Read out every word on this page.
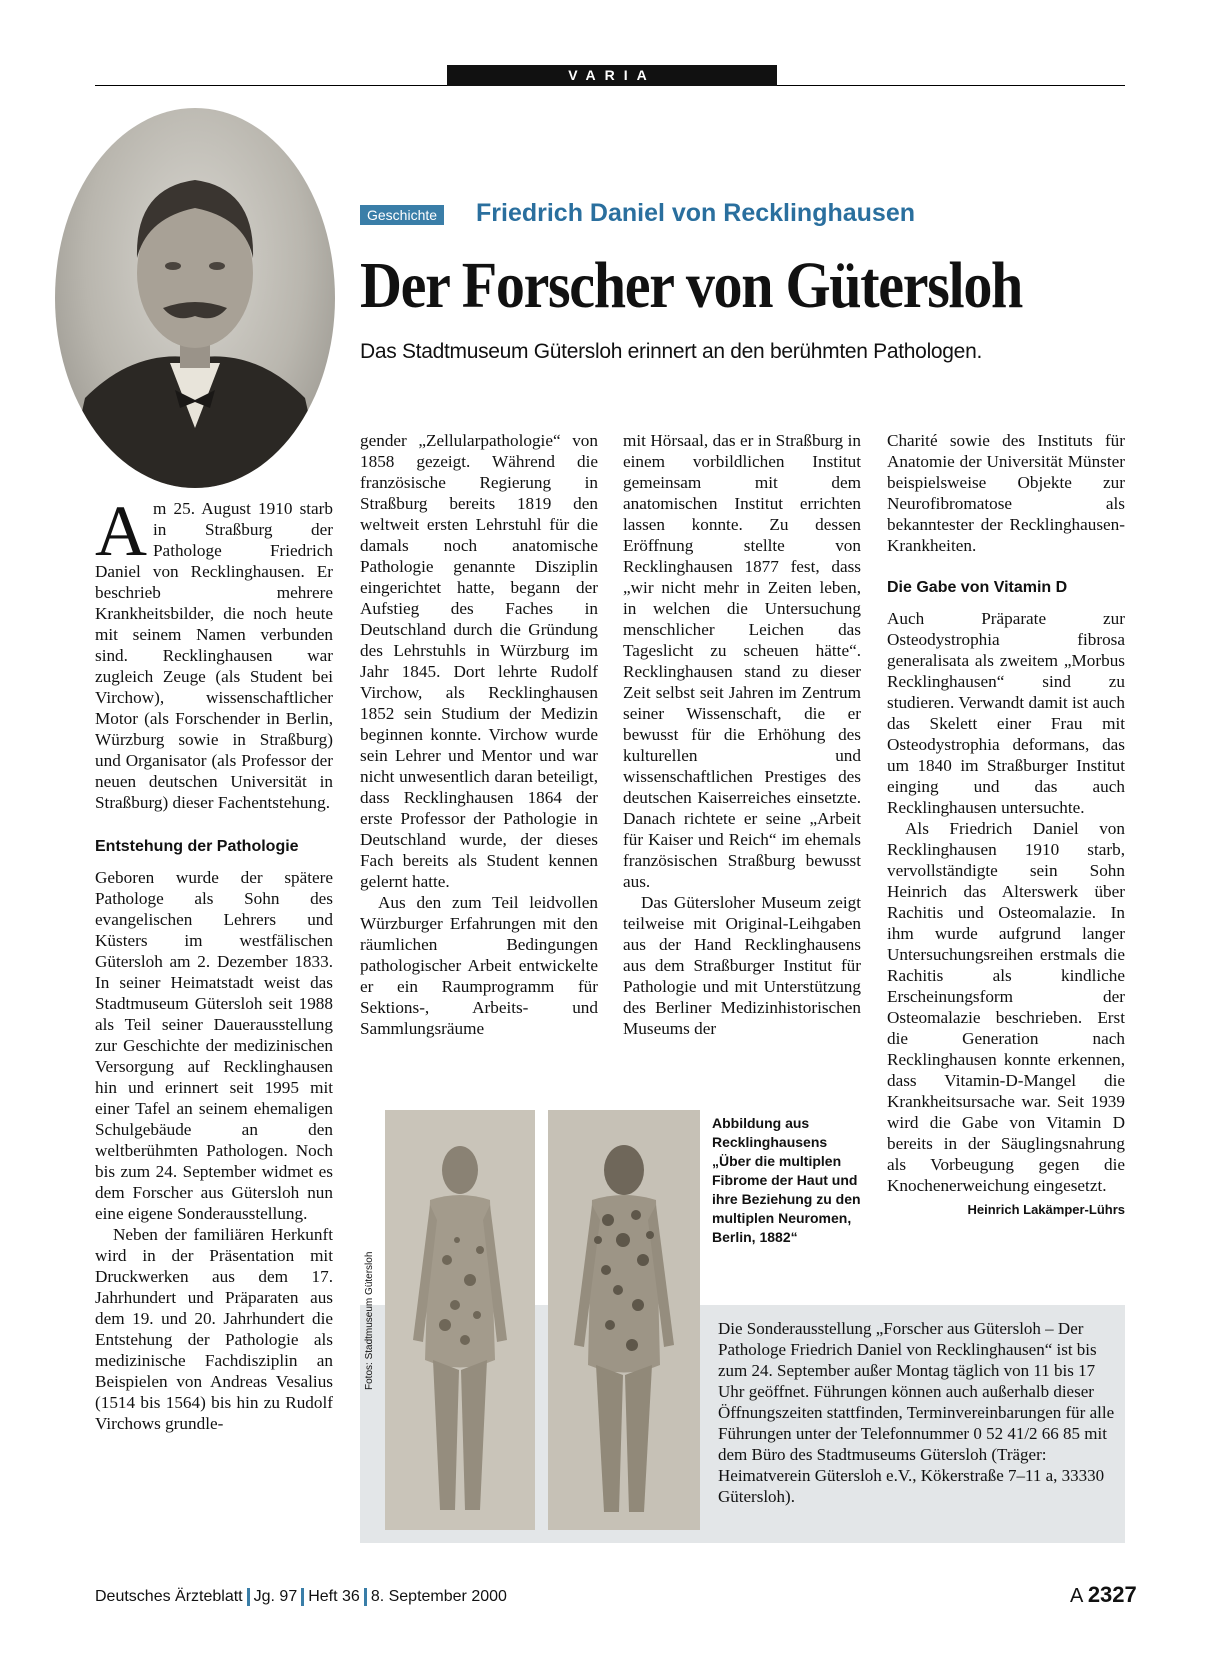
VARIA
Geschichte Friedrich Daniel von Recklinghausen
Der Forscher von Gütersloh
Das Stadtmuseum Gütersloh erinnert an den berühmten Pathologen.

Am 25. August 1910 starb in Straßburg der Pathologe Friedrich Daniel von Recklinghausen. Er beschrieb mehrere Krankheitsbilder, die noch heute mit seinem Namen verbunden sind. Recklinghausen war zugleich Zeuge (als Student bei Virchow), wissenschaftlicher Motor (als Forschender in Berlin, Würzburg sowie in Straßburg) und Organisator (als Professor der neuen deutschen Universität in Straßburg) dieser Fachentstehung.

Entstehung der Pathologie

Geboren wurde der spätere Pathologe als Sohn des evangelischen Lehrers und Küsters im westfälischen Gütersloh am 2. Dezember 1833. In seiner Heimatstadt weist das Stadtmuseum Gütersloh seit 1988 als Teil seiner Dauerausstellung zur Geschichte der medizinischen Versorgung auf Recklinghausen hin und erinnert seit 1995 mit einer Tafel an seinem ehemaligen Schulgebäude an den weltberühmten Pathologen. Noch bis zum 24. September widmet es dem Forscher aus Gütersloh nun eine eigene Sonderausstellung.

Neben der familiären Herkunft wird in der Präsentation mit Druckwerken aus dem 17. Jahrhundert und Präparaten aus dem 19. und 20. Jahrhundert die Entstehung der Pathologie als medizinische Fachdisziplin an Beispielen von Andreas Vesalius (1514 bis 1564) bis hin zu Rudolf Virchows grundle-

gender „Zellularpathologie“ von 1858 gezeigt. Während die französische Regierung in Straßburg bereits 1819 den weltweit ersten Lehrstuhl für die damals noch anatomische Pathologie genannte Disziplin eingerichtet hatte, begann der Aufstieg des Faches in Deutschland durch die Gründung des Lehrstuhls in Würzburg im Jahr 1845. Dort lehrte Rudolf Virchow, als Recklinghausen 1852 sein Studium der Medizin beginnen konnte. Virchow wurde sein Lehrer und Mentor und war nicht unwesentlich daran beteiligt, dass Recklinghausen 1864 der erste Professor der Pathologie in Deutschland wurde, der dieses Fach bereits als Student kennen gelernt hatte.

Aus den zum Teil leidvollen Würzburger Erfahrungen mit den räumlichen Bedingungen pathologischer Arbeit entwickelte er ein Raumprogramm für Sektions-, Arbeits- und Sammlungsräume

mit Hörsaal, das er in Straßburg in einem vorbildlichen Institut gemeinsam mit dem anatomischen Institut errichten lassen konnte. Zu dessen Eröffnung stellte von Recklinghausen 1877 fest, dass „wir nicht mehr in Zeiten leben, in welchen die Untersuchung menschlicher Leichen das Tageslicht zu scheuen hätte“. Recklinghausen stand zu dieser Zeit selbst seit Jahren im Zentrum seiner Wissenschaft, die er bewusst für die Erhöhung des kulturellen und wissenschaftlichen Prestiges des deutschen Kaiserreiches einsetzte. Danach richtete er seine „Arbeit für Kaiser und Reich“ im ehemals französischen Straßburg bewusst aus.

Das Gütersloher Museum zeigt teilweise mit Original-Leihgaben aus der Hand Recklinghausens aus dem Straßburger Institut für Pathologie und mit Unterstützung des Berliner Medizinhistorischen Museums der

Charité sowie des Instituts für Anatomie der Universität Münster beispielsweise Objekte zur Neurofibromatose als bekanntester der Recklinghausen-Krankheiten.

Die Gabe von Vitamin D

Auch Präparate zur Osteodystrophia fibrosa generalisata als zweitem „Morbus Recklinghausen“ sind zu studieren. Verwandt damit ist auch das Skelett einer Frau mit Osteodystrophia deformans, das um 1840 im Straßburger Institut einging und das auch Recklinghausen untersuchte.

Als Friedrich Daniel von Recklinghausen 1910 starb, vervollständigte sein Sohn Heinrich das Alterswerk über Rachitis und Osteomalazie. In ihm wurde aufgrund langer Untersuchungsreihen erstmals die Rachitis als kindliche Erscheinungsform der Osteomalazie beschrieben. Erst die Generation nach Recklinghausen konnte erkennen, dass Vitamin-D-Mangel die Krankheitsursache war. Seit 1939 wird die Gabe von Vitamin D bereits in der Säuglingsnahrung als Vorbeugung gegen die Knochenerweichung eingesetzt.

Heinrich Lakämper-Lührs

Die Sonderausstellung „Forscher aus Gütersloh – Der Pathologe Friedrich Daniel von Recklinghausen“ ist bis zum 24. September außer Montag täglich von 11 bis 17 Uhr geöffnet. Führungen können auch außerhalb dieser Öffnungszeiten stattfinden, Terminvereinbarungen für alle Führungen unter der Telefonnummer 0 52 41/2 66 85 mit dem Büro des Stadtmuseums Gütersloh (Träger: Heimatverein Gütersloh e.V., Kökerstraße 7–11 a, 33330 Gütersloh).
Fotos: Stadtmuseum Gütersloh
Abbildung aus Recklinghausens „Über die multiplen Fibrome der Haut und ihre Beziehung zu den multiplen Neuromen, Berlin, 1882“
Deutsches Ärzteblatt Jg. 97 Heft 36 8. September 2000	A 2327
